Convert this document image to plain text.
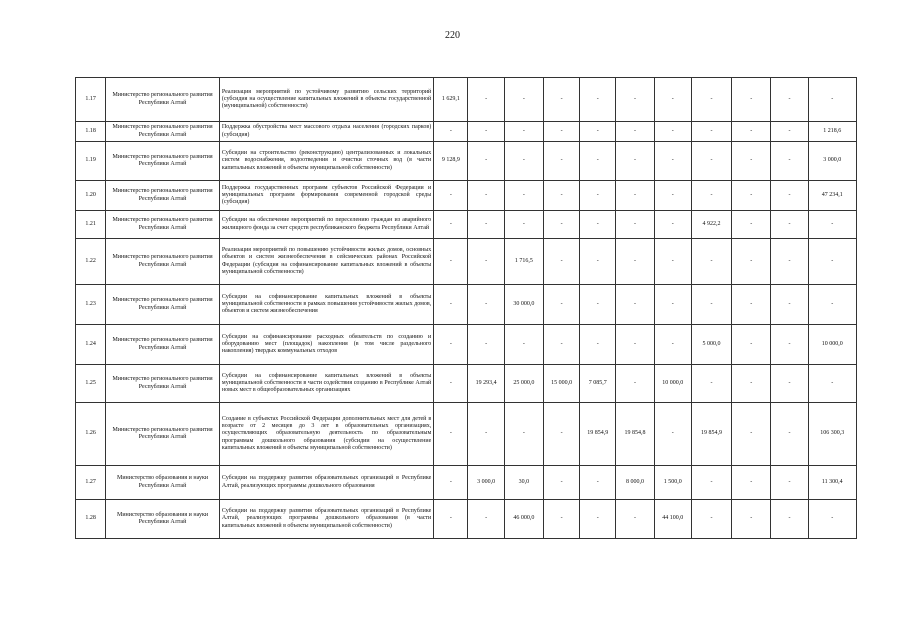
220
1.17	Министерство регионального развития Республики Алтай	Реализация мероприятий по устойчивому развитию сельских территорий (субсидия на осуществление капитальных вложений в объекты государственной (муниципальной) собственности)	1 629,1	-	-	-	-	-	-	-	-	-	-
1.18	Министерство регионального развития Республики Алтай	Поддержка обустройства мест массового отдыха населения (городских парков) (субсидия)	-	-	-	-	-	-	-	-	-	-	1 218,6
1.19	Министерство регионального развития Республики Алтай	Субсидии на строительство (реконструкцию) централизованных и локальных систем водоснабжения, водоотведения и очистки сточных вод (в части капитальных вложений в объекты муниципальной собственности)	9 128,9	-	-	-	-	-	-	-	-	-	3 000,0
1.20	Министерство регионального развития Республики Алтай	Поддержка государственных программ субъектов Российской Федерации и муниципальных программ формирования современной городской среды (субсидия)	-	-	-	-	-	-	-	-	-	-	47 234,1
1.21	Министерство регионального развития Республики Алтай	Субсидии на обеспечение мероприятий по переселению граждан из аварийного жилищного фонда за счет средств республиканского бюджета Республики Алтай	-	-	-	-	-	-	-	4 922,2	-	-	-
1.22	Министерство регионального развития Республики Алтай	Реализация мероприятий по повышению устойчивости жилых домов, основных объектов и систем жизнеобеспечения в сейсмических районах Российской Федерации (субсидия на софинансирование капитальных вложений в объекты муниципальной собственности)	-	-	1 716,5	-	-	-	-	-	-	-	-
1.23	Министерство регионального развития Республики Алтай	Субсидии на софинансирование капитальных вложений в объекты муниципальной собственности в рамках повышения устойчивости жилых домов, объектов и систем жизнеобеспечения	-	-	30 000,0	-	-	-	-	-	-	-	-
1.24	Министерство регионального развития Республики Алтай	Субсидии на софинансирование расходных обязательств по созданию и оборудованию мест (площадок) накопления (в том числе раздельного накопления) твердых коммунальных отходов	-	-	-	-	-	-	-	5 000,0	-	-	10 000,0
1.25	Министерство регионального развития Республики Алтай	Субсидии на софинансирование капитальных вложений в объекты муниципальной собственности в части содействия созданию в Республике Алтай новых мест в общеобразовательных организациях	-	19 293,4	25 000,0	15 000,0	7 085,7	-	10 000,0	-	-	-	-
1.26	Министерство регионального развития Республики Алтай	Создание в субъектах Российской Федерации дополнительных мест для детей в возрасте от 2 месяцев до 3 лет в образовательных организациях, осуществляющих образовательную деятельность по образовательным программам дошкольного образования (субсидии на осуществление капитальных вложений в объекты муниципальной собственности)	-	-	-	-	19 854,9	19 854,8	-	19 854,9	-	-	106 300,3
1.27	Министерство образования и науки Республики Алтай	Субсидии на поддержку развития образовательных организаций в Республике Алтай, реализующих программы дошкольного образования	-	3 000,0	30,0	-	-	8 000,0	1 500,0	-	-	-	11 300,4
1.28	Министерство образования и науки Республики Алтай	Субсидии на поддержку развития образовательных организаций в Республике Алтай, реализующих программы дошкольного образования (в части капитальных вложений в объекты муниципальной собственности)	-	-	46 000,0	-	-	-	44 100,0	-	-	-	-
